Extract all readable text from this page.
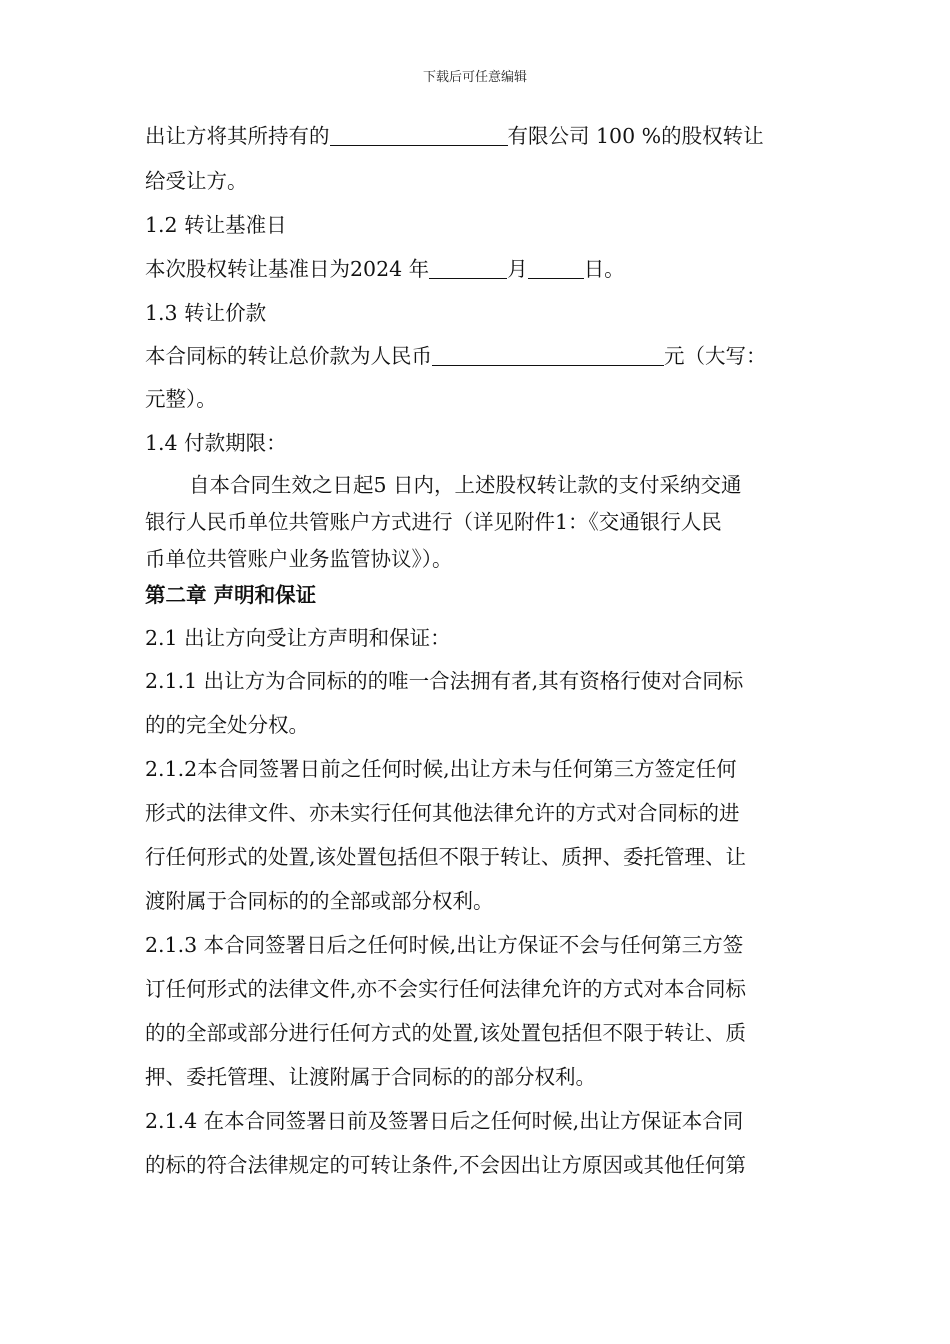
下载后可任意编辑
出让方将其所持有的	有限公司 100 %的股权转让
给受让方。
1.2 转让基准日
本次股权转让基准日为2024 年	月	日。
1.3 转让价款
本合同标的转让总价款为人民币	元（大写：
元整）。
1.4 付款期限：
自本合同生效之日起5 日内，上述股权转让款的支付采纳交通
银行人民币单位共管账户方式进行（详见附件1：《交通银行人民
币单位共管账户业务监管协议》）。
第二章 声明和保证
2.1 出让方向受让方声明和保证：
2.1.1 出让方为合同标的的唯一合法拥有者,其有资格行使对合同标
的的完全处分权。
2.1.2本合同签署日前之任何时候,出让方未与任何第三方签定任何
形式的法律文件、亦未实行任何其他法律允许的方式对合同标的进
行任何形式的处置,该处置包括但不限于转让、质押、委托管理、让
渡附属于合同标的的全部或部分权利。
2.1.3 本合同签署日后之任何时候,出让方保证不会与任何第三方签
订任何形式的法律文件,亦不会实行任何法律允许的方式对本合同标
的的全部或部分进行任何方式的处置,该处置包括但不限于转让、质
押、委托管理、让渡附属于合同标的的部分权利。
2.1.4 在本合同签署日前及签署日后之任何时候,出让方保证本合同
的标的符合法律规定的可转让条件,不会因出让方原因或其他任何第
